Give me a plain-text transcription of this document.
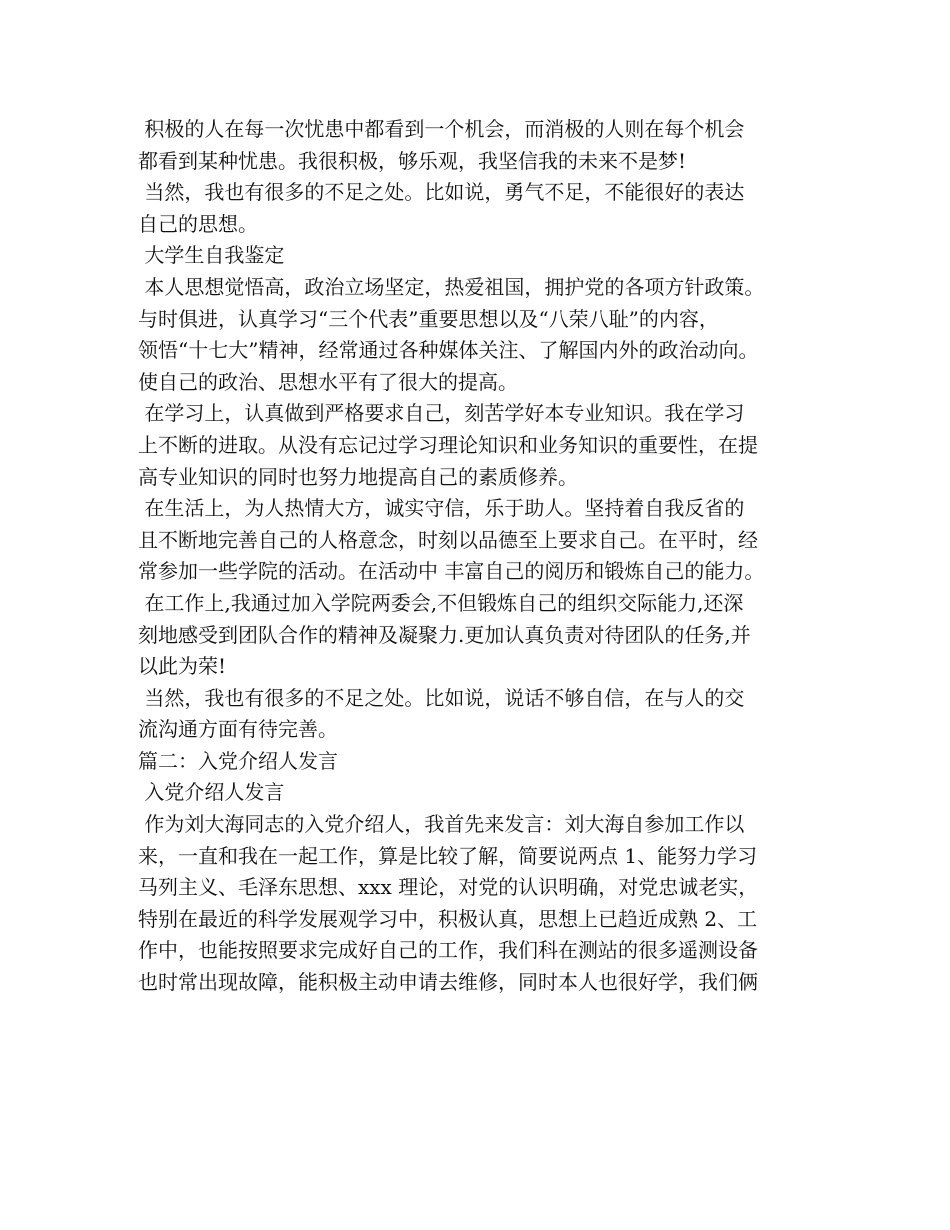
积极的人在每一次忧患中都看到一个机会，而消极的人则在每个机会
都看到某种忧患。我很积极，够乐观，我坚信我的未来不是梦!
当然，我也有很多的不足之处。比如说，勇气不足，不能很好的表达
自己的思想。
大学生自我鉴定
本人思想觉悟高，政治立场坚定，热爱祖国，拥护党的各项方针政策。
与时俱进，认真学习“三个代表”重要思想以及“八荣八耻”的内容，
领悟“十七大”精神，经常通过各种媒体关注、了解国内外的政治动向。
使自己的政治、思想水平有了很大的提高。
在学习上，认真做到严格要求自己，刻苦学好本专业知识。我在学习
上不断的进取。从没有忘记过学习理论知识和业务知识的重要性，在提
高专业知识的同时也努力地提高自己的素质修养。
在生活上，为人热情大方，诚实守信，乐于助人。坚持着自我反省的
且不断地完善自己的人格意念，时刻以品德至上要求自己。在平时，经
常参加一些学院的活动。在活动中 丰富自己的阅历和锻炼自己的能力。
在工作上,我通过加入学院两委会,不但锻炼自己的组织交际能力,还深
刻地感受到团队合作的精神及凝聚力.更加认真负责对待团队的任务,并
以此为荣!
当然，我也有很多的不足之处。比如说，说话不够自信，在与人的交
流沟通方面有待完善。
篇二：入党介绍人发言
入党介绍人发言
作为刘大海同志的入党介绍人，我首先来发言：刘大海自参加工作以
来，一直和我在一起工作，算是比较了解，简要说两点 1、能努力学习
马列主义、毛泽东思想、xxx 理论，对党的认识明确，对党忠诚老实，
特别在最近的科学发展观学习中，积极认真，思想上已趋近成熟 2、工
作中，也能按照要求完成好自己的工作，我们科在测站的很多遥测设备
也时常出现故障，能积极主动申请去维修，同时本人也很好学，我们俩
